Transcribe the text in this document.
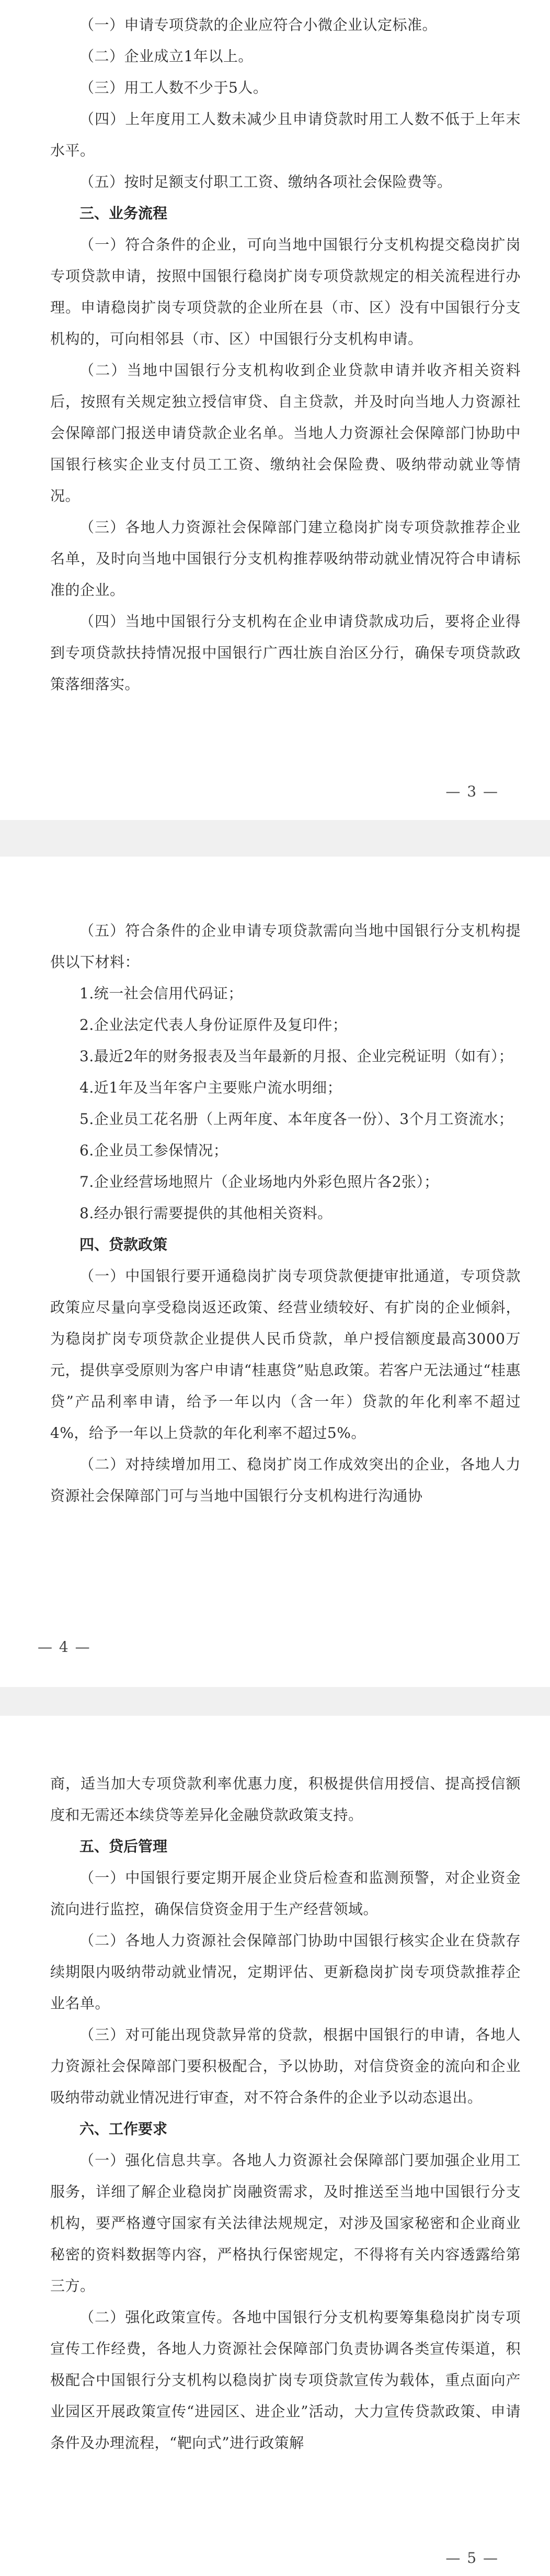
（一）申请专项贷款的企业应符合小微企业认定标准。

（二）企业成立1年以上。

（三）用工人数不少于5人。

（四）上年度用工人数未减少且申请贷款时用工人数不低于上年末水平。

（五）按时足额支付职工工资、缴纳各项社会保险费等。

三、业务流程

（一）符合条件的企业，可向当地中国银行分支机构提交稳岗扩岗专项贷款申请，按照中国银行稳岗扩岗专项贷款规定的相关流程进行办理。申请稳岗扩岗专项贷款的企业所在县（市、区）没有中国银行分支机构的，可向相邻县（市、区）中国银行分支机构申请。

（二）当地中国银行分支机构收到企业贷款申请并收齐相关资料后，按照有关规定独立授信审贷、自主贷款，并及时向当地人力资源社会保障部门报送申请贷款企业名单。当地人力资源社会保障部门协助中国银行核实企业支付员工工资、缴纳社会保险费、吸纳带动就业等情况。

（三）各地人力资源社会保障部门建立稳岗扩岗专项贷款推荐企业名单，及时向当地中国银行分支机构推荐吸纳带动就业情况符合申请标准的企业。

（四）当地中国银行分支机构在企业申请贷款成功后，要将企业得到专项贷款扶持情况报中国银行广西壮族自治区分行，确保专项贷款政策落细落实。

— 3 —

（五）符合条件的企业申请专项贷款需向当地中国银行分支机构提供以下材料：

1.统一社会信用代码证；

2.企业法定代表人身份证原件及复印件；

3.最近2年的财务报表及当年最新的月报、企业完税证明（如有）；

4.近1年及当年客户主要账户流水明细；

5.企业员工花名册（上两年度、本年度各一份）、3个月工资流水；

6.企业员工参保情况；

7.企业经营场地照片（企业场地内外彩色照片各2张）；

8.经办银行需要提供的其他相关资料。

四、贷款政策

（一）中国银行要开通稳岗扩岗专项贷款便捷审批通道，专项贷款政策应尽量向享受稳岗返还政策、经营业绩较好、有扩岗的企业倾斜，为稳岗扩岗专项贷款企业提供人民币贷款，单户授信额度最高3000万元，提供享受原则为客户申请“桂惠贷”贴息政策。若客户无法通过“桂惠贷”产品利率申请，给予一年以内（含一年）贷款的年化利率不超过4%，给予一年以上贷款的年化利率不超过5%。

（二）对持续增加用工、稳岗扩岗工作成效突出的企业，各地人力资源社会保障部门可与当地中国银行分支机构进行沟通协

— 4 —

商，适当加大专项贷款利率优惠力度，积极提供信用授信、提高授信额度和无需还本续贷等差异化金融贷款政策支持。

五、贷后管理

（一）中国银行要定期开展企业贷后检查和监测预警，对企业资金流向进行监控，确保信贷资金用于生产经营领域。

（二）各地人力资源社会保障部门协助中国银行核实企业在贷款存续期限内吸纳带动就业情况，定期评估、更新稳岗扩岗专项贷款推荐企业名单。

（三）对可能出现贷款异常的贷款，根据中国银行的申请，各地人力资源社会保障部门要积极配合，予以协助，对信贷资金的流向和企业吸纳带动就业情况进行审查，对不符合条件的企业予以动态退出。

六、工作要求

（一）强化信息共享。各地人力资源社会保障部门要加强企业用工服务，详细了解企业稳岗扩岗融资需求，及时推送至当地中国银行分支机构，要严格遵守国家有关法律法规规定，对涉及国家秘密和企业商业秘密的资料数据等内容，严格执行保密规定，不得将有关内容透露给第三方。

（二）强化政策宣传。各地中国银行分支机构要筹集稳岗扩岗专项宣传工作经费，各地人力资源社会保障部门负责协调各类宣传渠道，积极配合中国银行分支机构以稳岗扩岗专项贷款宣传为载体，重点面向产业园区开展政策宣传“进园区、进企业”活动，大力宣传贷款政策、申请条件及办理流程，“靶向式”进行政策解

— 5 —
